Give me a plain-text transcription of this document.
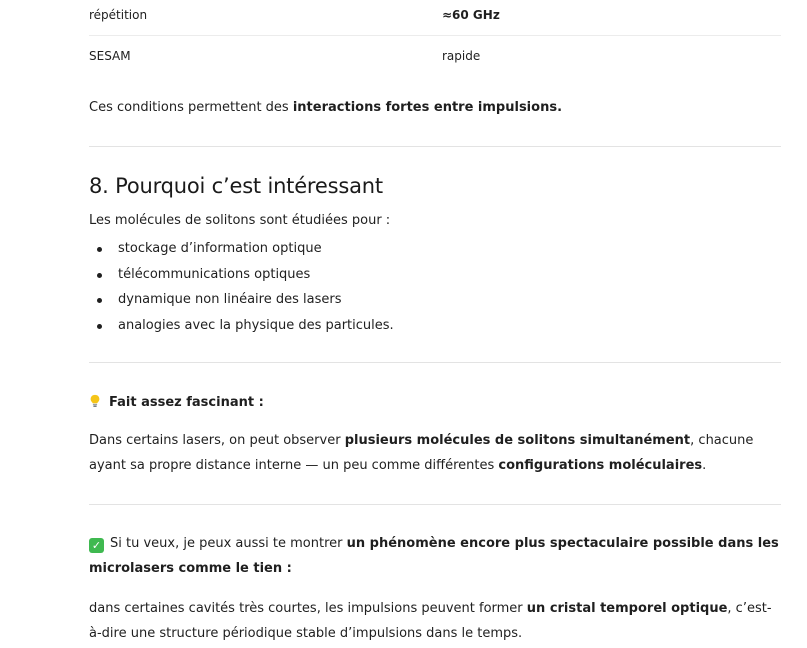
répétition	≈60 GHz
SESAM	rapide
Ces conditions permettent des interactions fortes entre impulsions.
8. Pourquoi c’est intéressant
Les molécules de solitons sont étudiées pour :
stockage d’information optique
télécommunications optiques
dynamique non linéaire des lasers
analogies avec la physique des particules.
Fait assez fascinant :
Dans certains lasers, on peut observer plusieurs molécules de solitons simultanément, chacune ayant sa propre distance interne — un peu comme différentes configurations moléculaires.
✓ Si tu veux, je peux aussi te montrer un phénomène encore plus spectaculaire possible dans les microlasers comme le tien :
dans certaines cavités très courtes, les impulsions peuvent former un cristal temporel optique, c’est-à-dire une structure périodique stable d’impulsions dans le temps.
